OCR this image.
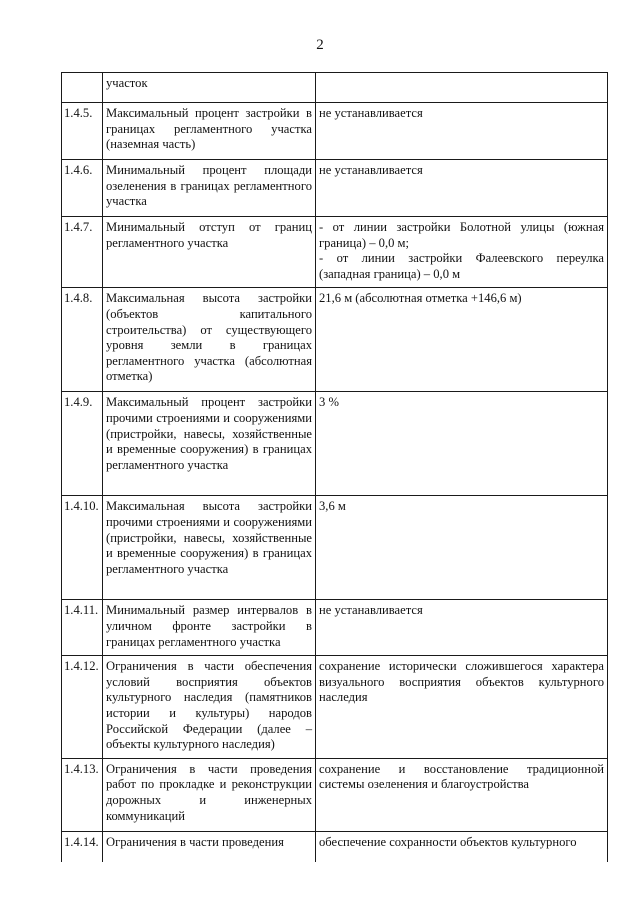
2
	участок	
1.4.5.	Максимальный процент застройки в границах регламентного участка (наземная часть)	не устанавливается

1.4.6.	Минимальный процент площади озеленения в границах регламентного участка	не устанавливается

1.4.7.	Минимальный отступ от границ регламентного участка	- от линии застройки Болотной улицы (южная граница) – 0,0 м;
- от линии застройки Фалеевского переулка (западная граница) – 0,0 м

1.4.8.	Максимальная высота застройки (объектов капитального строительства) от существующего уровня земли в границах регламентного участка (абсолютная отметка)	21,6 м (абсолютная отметка +146,6 м)

1.4.9.	Максимальный процент застройки прочими строениями и сооружениями (пристройки, навесы, хозяйственные и временные сооружения) в границах регламентного участка	3 %

1.4.10.	Максимальная высота застройки прочими строениями и сооружениями (пристройки, навесы, хозяйственные и временные сооружения) в границах регламентного участка	3,6 м

1.4.11.	Минимальный размер интервалов в уличном фронте застройки в границах регламентного участка	не устанавливается

1.4.12.	Ограничения в части обеспечения условий восприятия объектов культурного наследия (памятников истории и культуры) народов Российской Федерации (далее – объекты культурного наследия)	сохранение исторически сложившегося характера визуального восприятия объектов культурного наследия

1.4.13.	Ограничения в части проведения работ по прокладке и реконструкции дорожных и инженерных коммуникаций	сохранение и восстановление традиционной системы озеленения и благоустройства

1.4.14.	Ограничения в части проведения	обеспечение сохранности объектов культурного
